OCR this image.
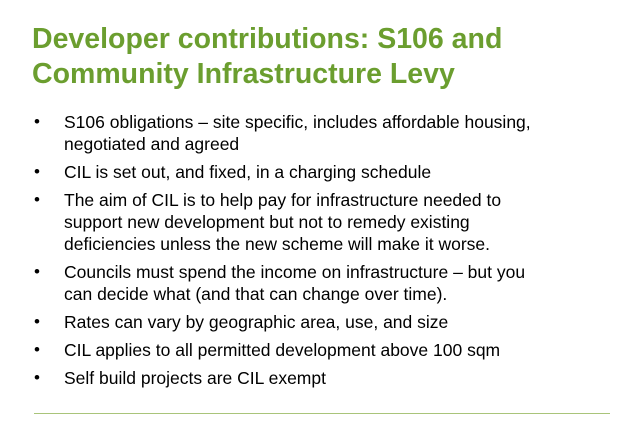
Developer contributions: S106 and
Community Infrastructure Levy
• S106 obligations – site specific, includes affordable housing,
negotiated and agreed
• CIL is set out, and fixed, in a charging schedule
• The aim of CIL is to help pay for infrastructure needed to
support new development but not to remedy existing
deficiencies unless the new scheme will make it worse.
• Councils must spend the income on infrastructure – but you
can decide what (and that can change over time).
• Rates can vary by geographic area, use, and size
• CIL applies to all permitted development above 100 sqm
• Self build projects are CIL exempt
